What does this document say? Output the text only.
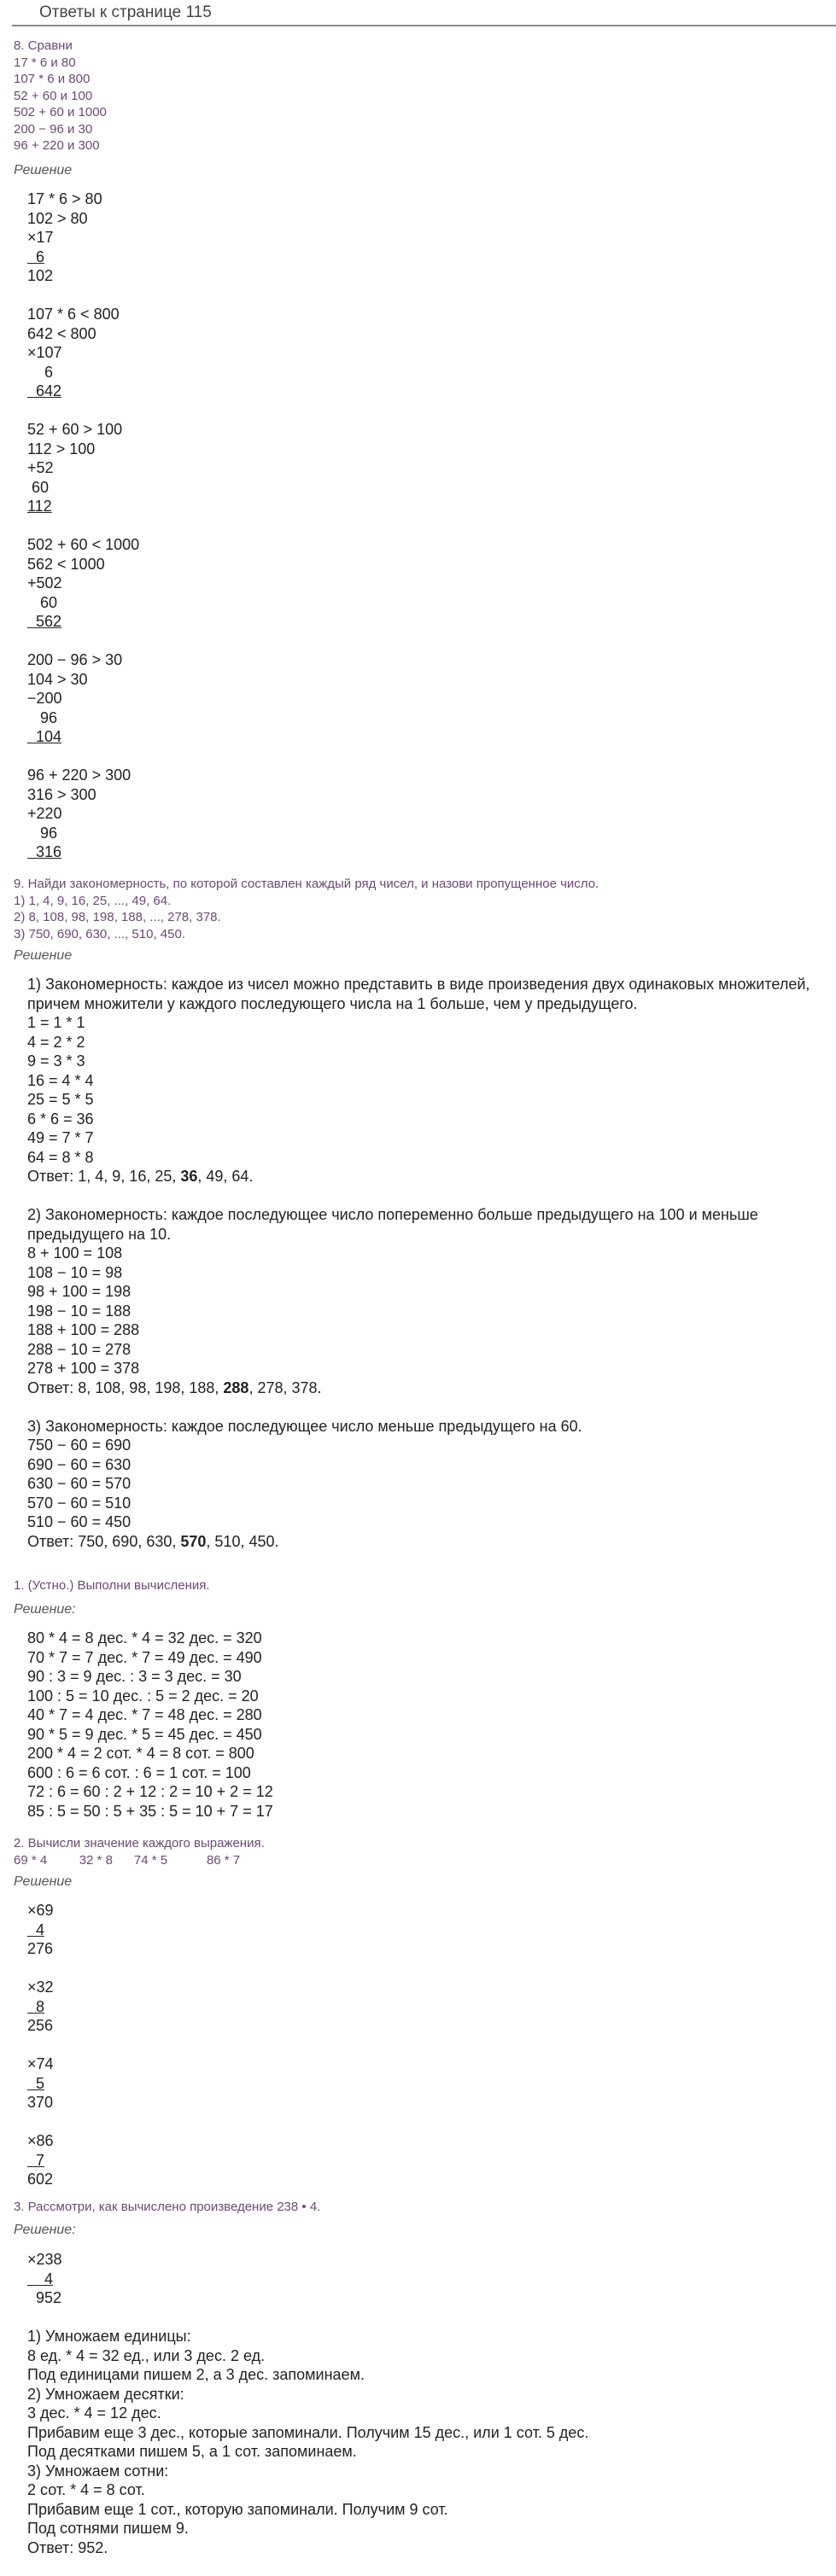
Ответы к странице 115
8. Сравни
17 * 6 и 80
107 * 6 и 800
52 + 60 и 100
502 + 60 и 1000
200 − 96 и 30
96 + 220 и 300
Решение
17 * 6 > 80
102 > 80
×17
6
102
107 * 6 < 800
642 < 800
×107
6
642
52 + 60 > 100
112 > 100
+52
60
112
502 + 60 < 1000
562 < 1000
+502
60
562
200 − 96 > 30
104 > 30
−200
96
104
96 + 220 > 300
316 > 300
+220
96
316
9. Найди закономерность, по которой составлен каждый ряд чисел, и назови пропущенное число.
1) 1, 4, 9, 16, 25, ..., 49, 64.
2) 8, 108, 98, 198, 188, ..., 278, 378.
3) 750, 690, 630, ..., 510, 450.
Решение
1) Закономерность: каждое из чисел можно представить в виде произведения двух одинаковых множителей,
причем множители у каждого последующего числа на 1 больше, чем у предыдущего.
1 = 1 * 1
4 = 2 * 2
9 = 3 * 3
16 = 4 * 4
25 = 5 * 5
6 * 6 = 36
49 = 7 * 7
64 = 8 * 8
Ответ: 1, 4, 9, 16, 25, 36, 49, 64.
2) Закономерность: каждое последующее число попеременно больше предыдущего на 100 и меньше
предыдущего на 10.
8 + 100 = 108
108 − 10 = 98
98 + 100 = 198
198 − 10 = 188
188 + 100 = 288
288 − 10 = 278
278 + 100 = 378
Ответ: 8, 108, 98, 198, 188, 288, 278, 378.
3) Закономерность: каждое последующее число меньше предыдущего на 60.
750 − 60 = 690
690 − 60 = 630
630 − 60 = 570
570 − 60 = 510
510 − 60 = 450
Ответ: 750, 690, 630, 570, 510, 450.
1. (Устно.) Выполни вычисления.
Решение:
80 * 4 = 8 дес. * 4 = 32 дес. = 320
70 * 7 = 7 дес. * 7 = 49 дес. = 490
90 : 3 = 9 дес. : 3 = 3 дес. = 30
100 : 5 = 10 дес. : 5 = 2 дес. = 20
40 * 7 = 4 дес. * 7 = 48 дес. = 280
90 * 5 = 9 дес. * 5 = 45 дес. = 450
200 * 4 = 2 сот. * 4 = 8 сот. = 800
600 : 6 = 6 сот. : 6 = 1 сот. = 100
72 : 6 = 60 : 2 + 12 : 2 = 10 + 2 = 12
85 : 5 = 50 : 5 + 35 : 5 = 10 + 7 = 17
2. Вычисли значение каждого выражения.
69 * 4         32 * 8      74 * 5           86 * 7
Решение
×69
4
276
×32
8
256
×74
5
370
×86
7
602
3. Рассмотри, как вычислено произведение 238 • 4.
Решение:
×238
4
952
1) Умножаем единицы:
8 ед. * 4 = 32 ед., или 3 дес. 2 ед.
Под единицами пишем 2, а 3 дес. запоминаем.
2) Умножаем десятки:
3 дес. * 4 = 12 дес.
Прибавим еще 3 дес., которые запоминали. Получим 15 дес., или 1 сот. 5 дес.
Под десятками пишем 5, а 1 сот. запоминаем.
3) Умножаем сотни:
2 сот. * 4 = 8 сот.
Прибавим еще 1 сот., которую запоминали. Получим 9 сот.
Под сотнями пишем 9.
Ответ: 952.
